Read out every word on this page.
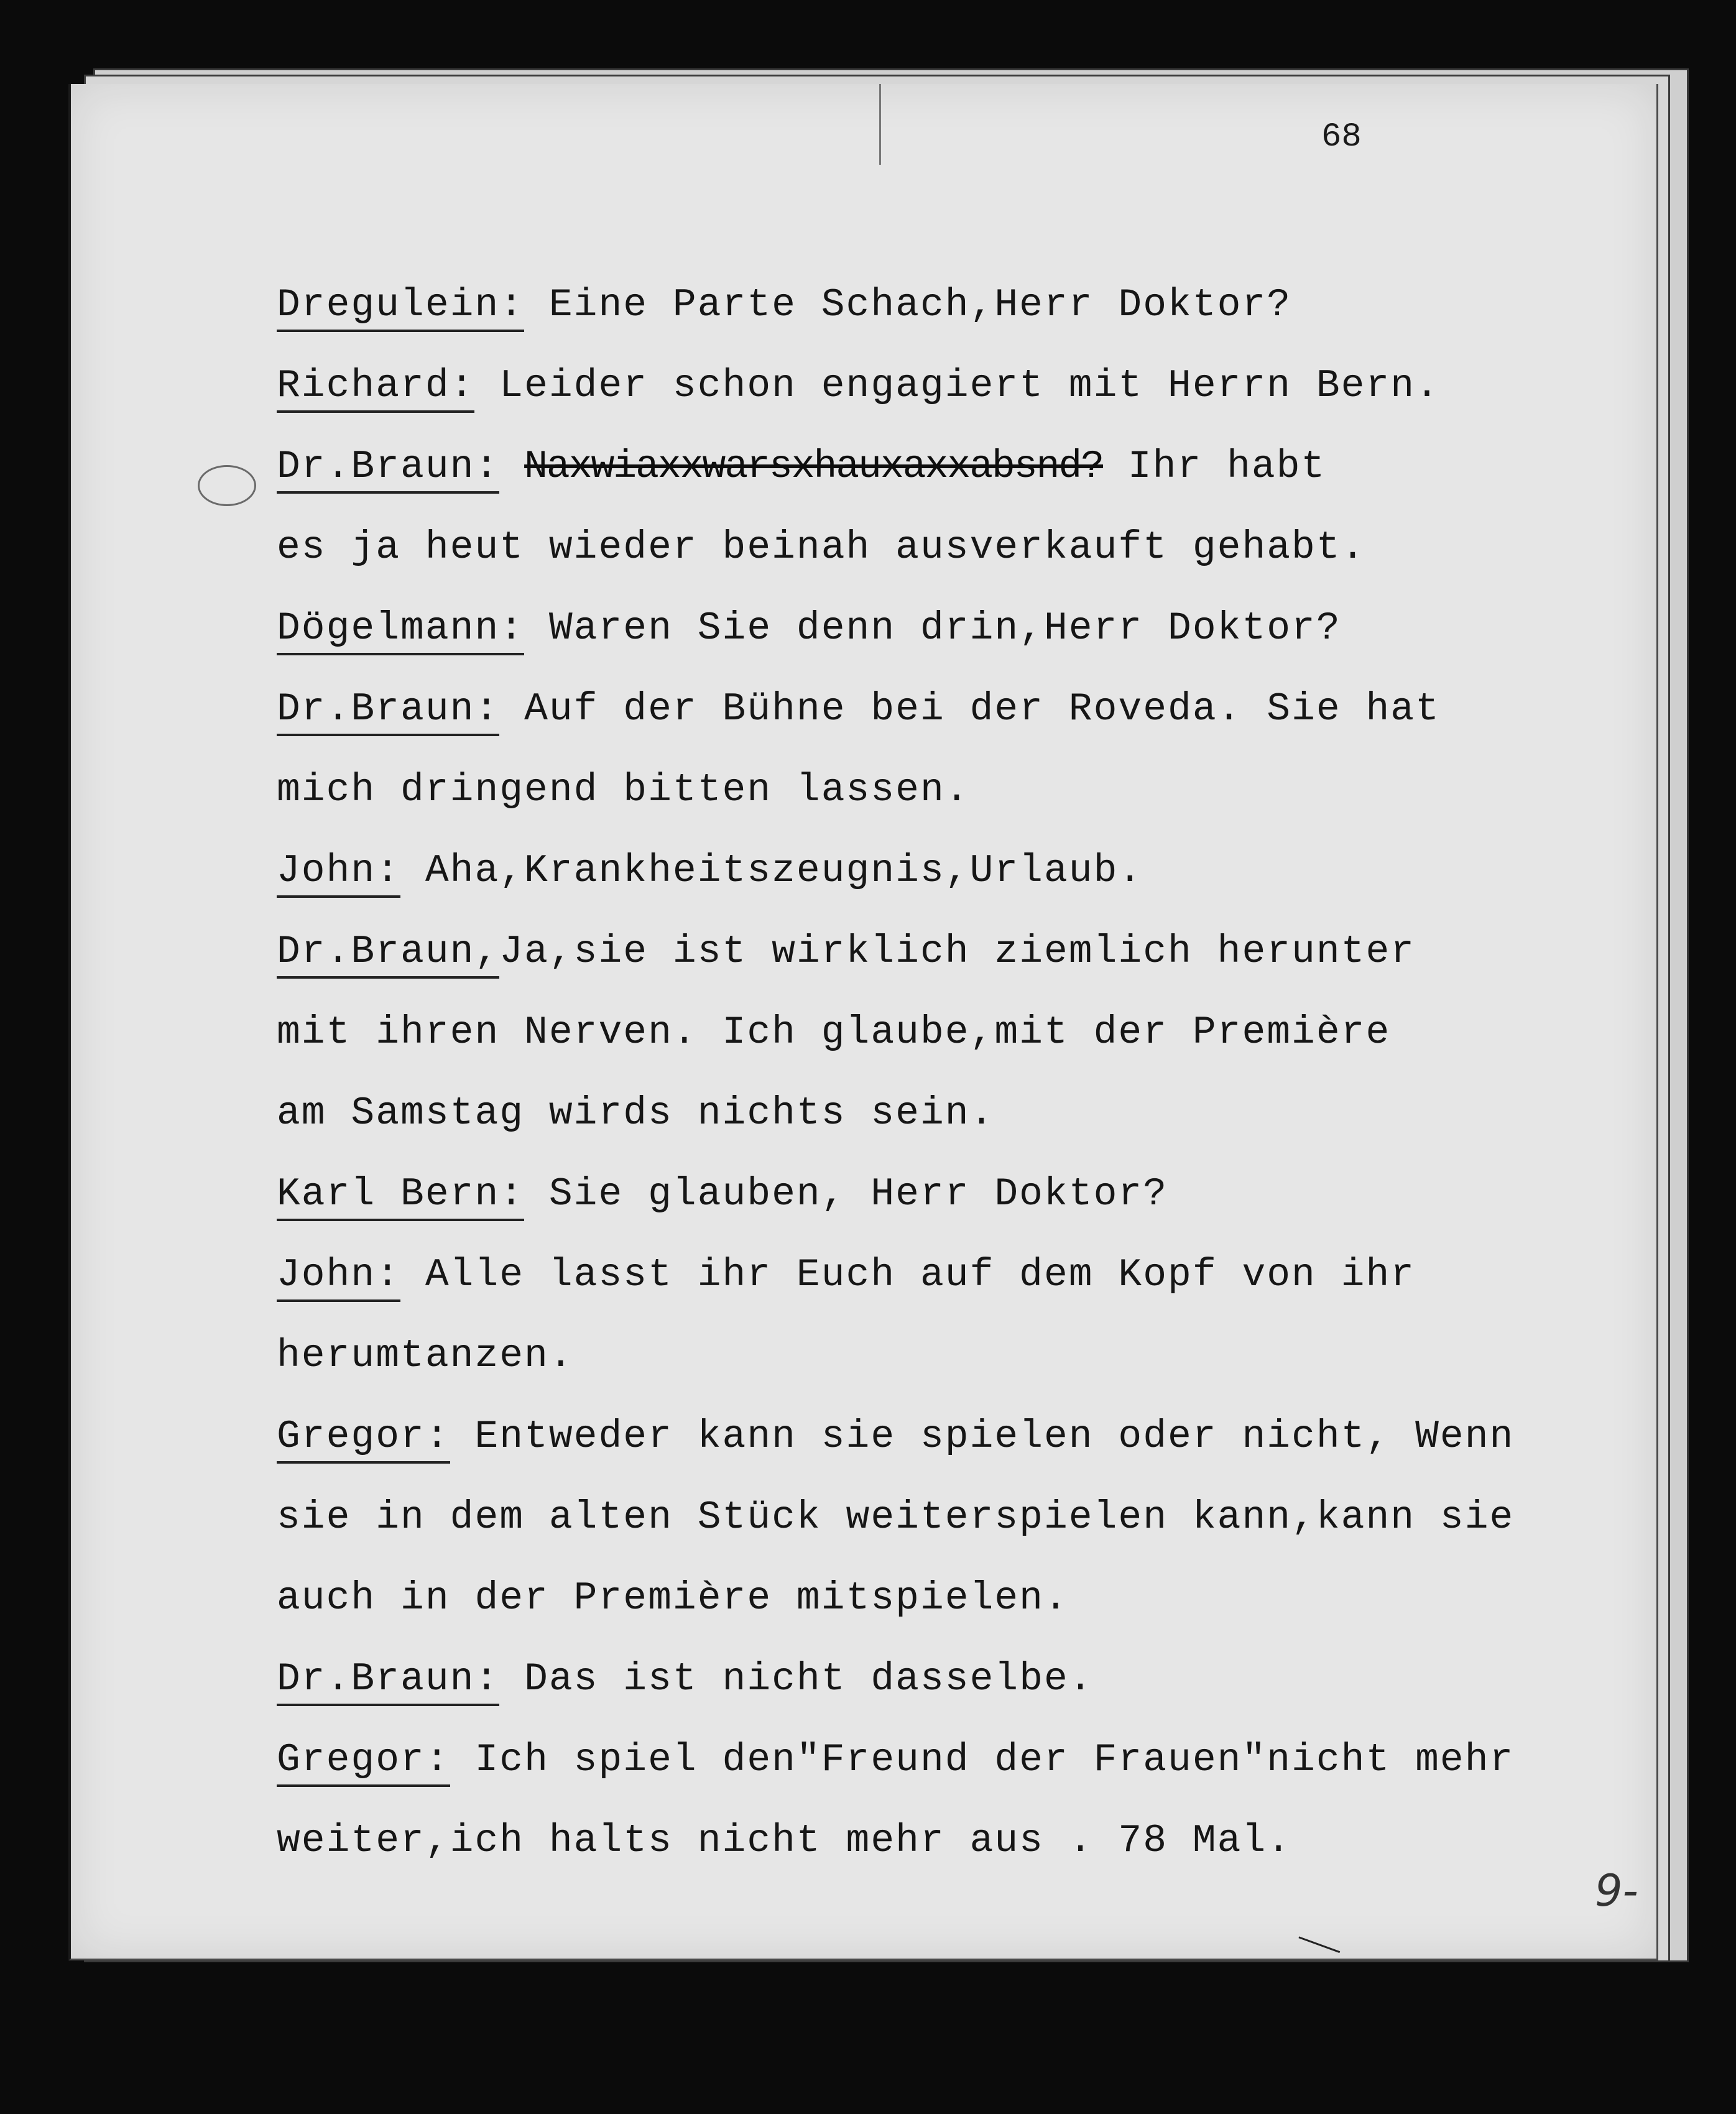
68
Dregulein: Eine Parte Schach,Herr Doktor?
Richard: Leider schon engagiert mit Herrn Bern.
Dr.Braun: Naxwiaxxwarsxhauxaxxabsnd? Ihr habt
es ja heut wieder beinah ausverkauft gehabt.
Dögelmann: Waren Sie denn drin,Herr Doktor?
Dr.Braun: Auf der Bühne bei der Roveda. Sie hat
mich dringend bitten lassen.
John: Aha,Krankheitszeugnis,Urlaub.
Dr.Braun,Ja,sie ist wirklich ziemlich herunter
mit ihren Nerven. Ich glaube,mit der Première
am Samstag wirds nichts sein.
Karl Bern: Sie glauben, Herr Doktor?
John: Alle lasst ihr Euch auf dem Kopf von ihr
herumtanzen.
Gregor: Entweder kann sie spielen oder nicht, Wenn
sie in dem alten Stück weiterspielen kann,kann sie
auch in der Première mitspielen.
Dr.Braun: Das ist nicht dasselbe.
Gregor: Ich spiel den"Freund der Frauen"nicht mehr
weiter,ich halts nicht mehr aus . 78 Mal.
9-
